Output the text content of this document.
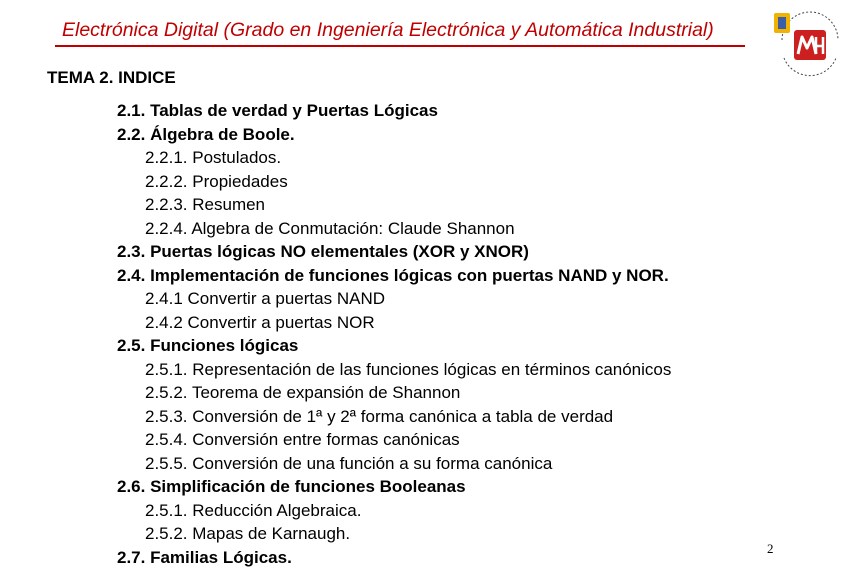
Electrónica Digital (Grado en Ingeniería Electrónica y Automática Industrial)
TEMA 2. INDICE
2.1. Tablas de verdad y Puertas Lógicas
2.2. Álgebra de Boole.
2.2.1. Postulados.
2.2.2. Propiedades
2.2.3. Resumen
2.2.4. Algebra de Conmutación: Claude Shannon
2.3. Puertas lógicas NO elementales (XOR y XNOR)
2.4. Implementación de funciones lógicas con puertas NAND y NOR.
2.4.1 Convertir a puertas NAND
2.4.2 Convertir a puertas NOR
2.5. Funciones lógicas
2.5.1. Representación de las funciones lógicas en términos canónicos
2.5.2. Teorema de expansión de Shannon
2.5.3. Conversión de 1ª y 2ª forma canónica a tabla de verdad
2.5.4. Conversión entre formas canónicas
2.5.5. Conversión de una función a su forma canónica
2.6. Simplificación de funciones Booleanas
2.5.1. Reducción Algebraica.
2.5.2. Mapas de Karnaugh.
2.7. Familias Lógicas.	2
